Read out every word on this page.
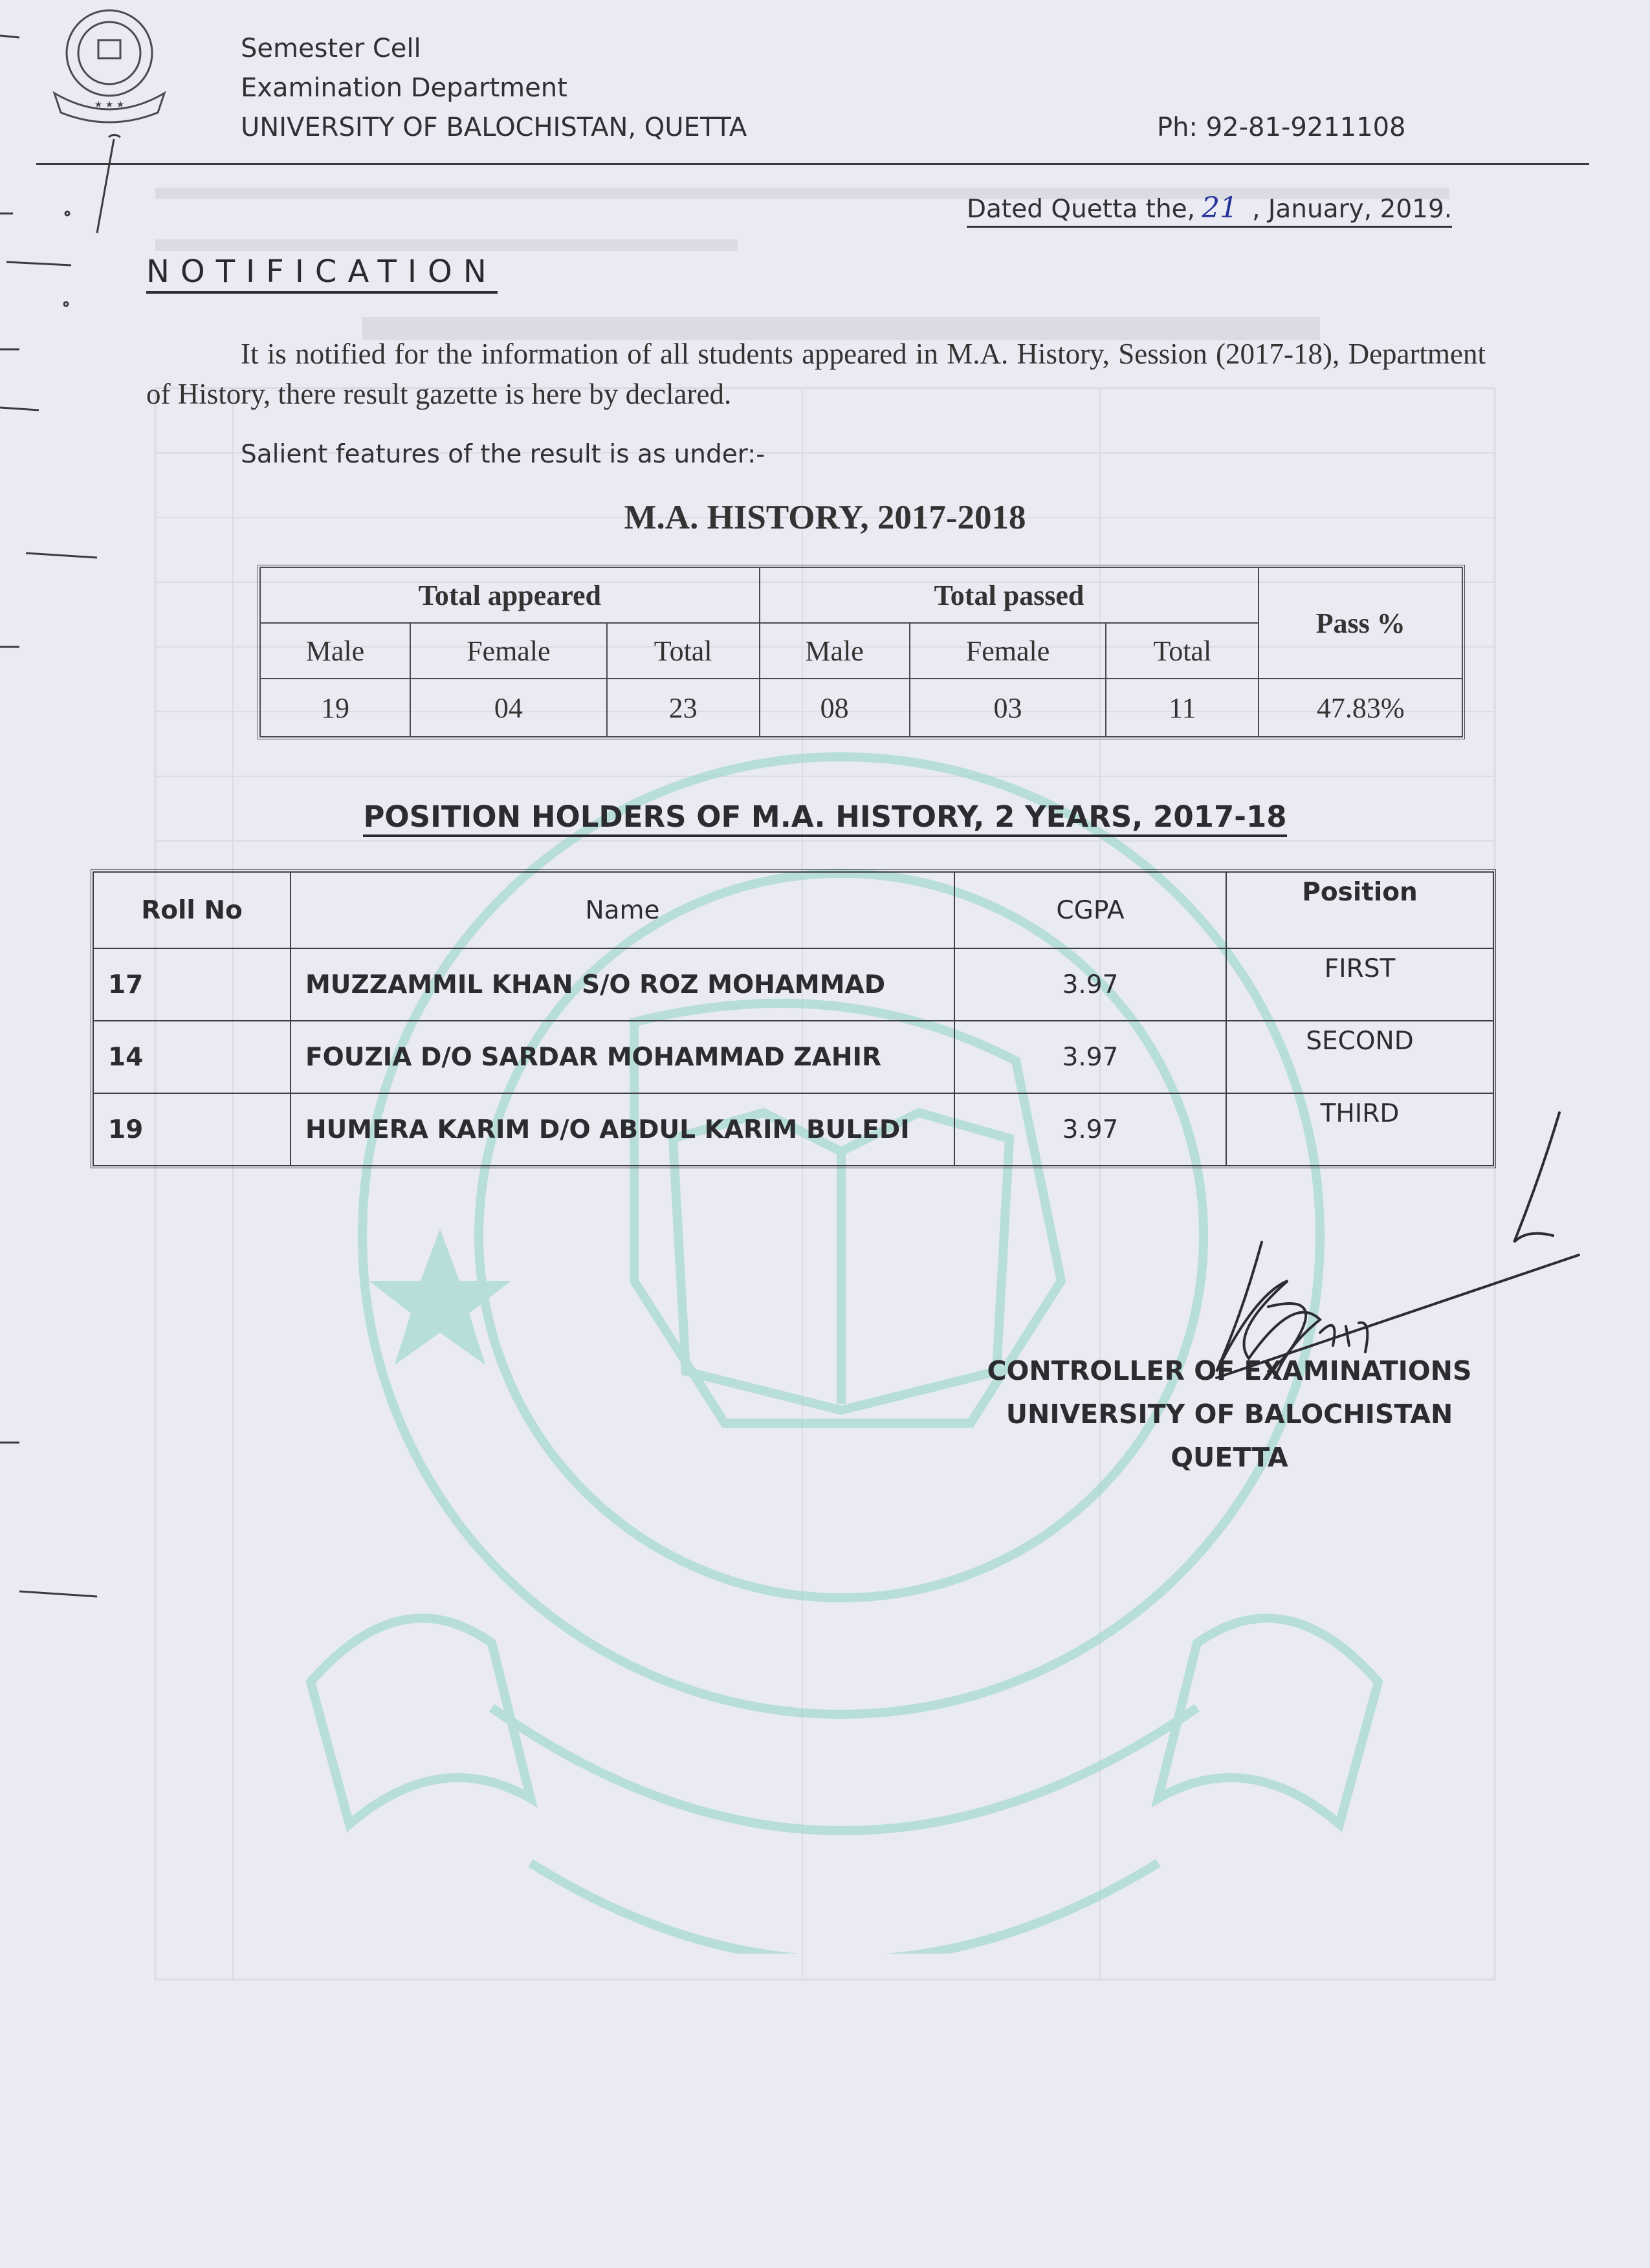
★ ★ ★
Semester Cell
Examination Department
UNIVERSITY OF BALOCHISTAN, QUETTA	Ph: 92-81-9211108
Dated Quetta the, 21 , January, 2019.
NOTIFICATION
It is notified for the information of all students appeared in M.A. History, Session (2017-18), Department of History, there result gazette is here by declared.
Salient features of the result is as under:-
M.A. HISTORY, 2017-2018
Total appeared			Total passed			Pass %
Male	Female	Total	Male	Female	Total	
19	04	23	08	03	11	47.83%
POSITION HOLDERS OF M.A. HISTORY, 2 YEARS, 2017-18
Roll No	Name	CGPA	Position
17	MUZZAMMIL KHAN S/O ROZ MOHAMMAD	3.97	FIRST
14	FOUZIA D/O SARDAR MOHAMMAD ZAHIR	3.97	SECOND
19	HUMERA KARIM D/O ABDUL KARIM BULEDI	3.97	THIRD
CONTROLLER OF EXAMINATIONS
UNIVERSITY OF BALOCHISTAN
QUETTA
